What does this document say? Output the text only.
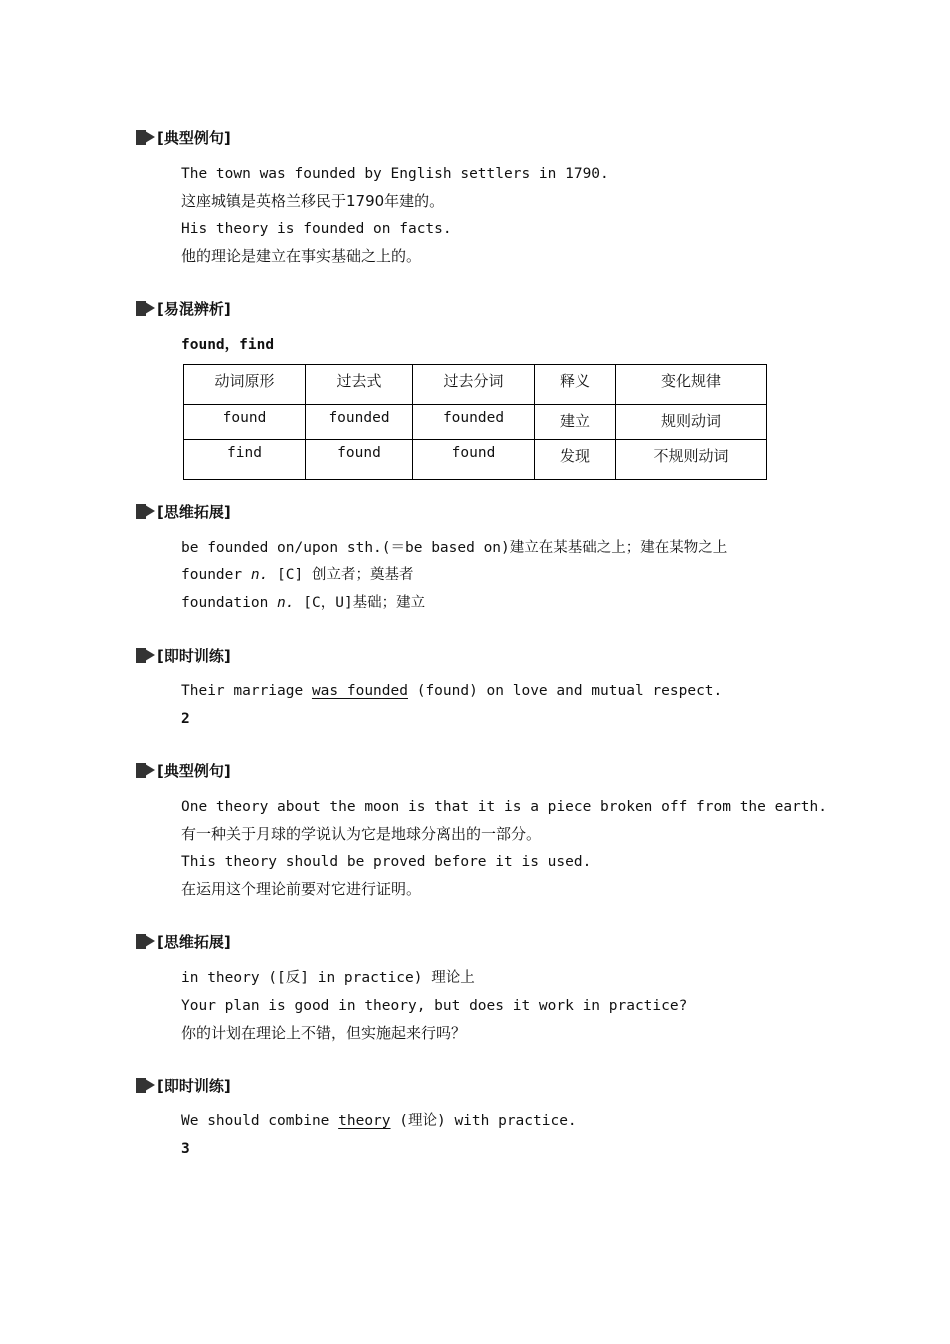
[典型例句]
The town was founded by English settlers in 1790.
这座城镇是英格兰移民于1790年建的。
His theory is founded on facts.
他的理论是建立在事实基础之上的。
[易混辨析]
found，find
动词原形	过去式	过去分词	释义	变化规律
found	founded	founded	建立	规则动词
find	found	found	发现	不规则动词
[思维拓展]
be founded on/upon sth.(＝be based on)建立在某基础之上；建在某物之上
founder n. [C] 创立者；奠基者
foundation n. [C，U]基础；建立
[即时训练]
Their marriage was founded (found) on love and mutual respect.
2
[典型例句]
One theory about the moon is that it is a piece broken off from the earth.
有一种关于月球的学说认为它是地球分离出的一部分。
This theory should be proved before it is used.
在运用这个理论前要对它进行证明。
[思维拓展]
in theory ([反] in practice) 理论上
Your plan is good in theory, but does it work in practice?
你的计划在理论上不错，但实施起来行吗？
[即时训练]
We should combine theory (理论) with practice.
3
